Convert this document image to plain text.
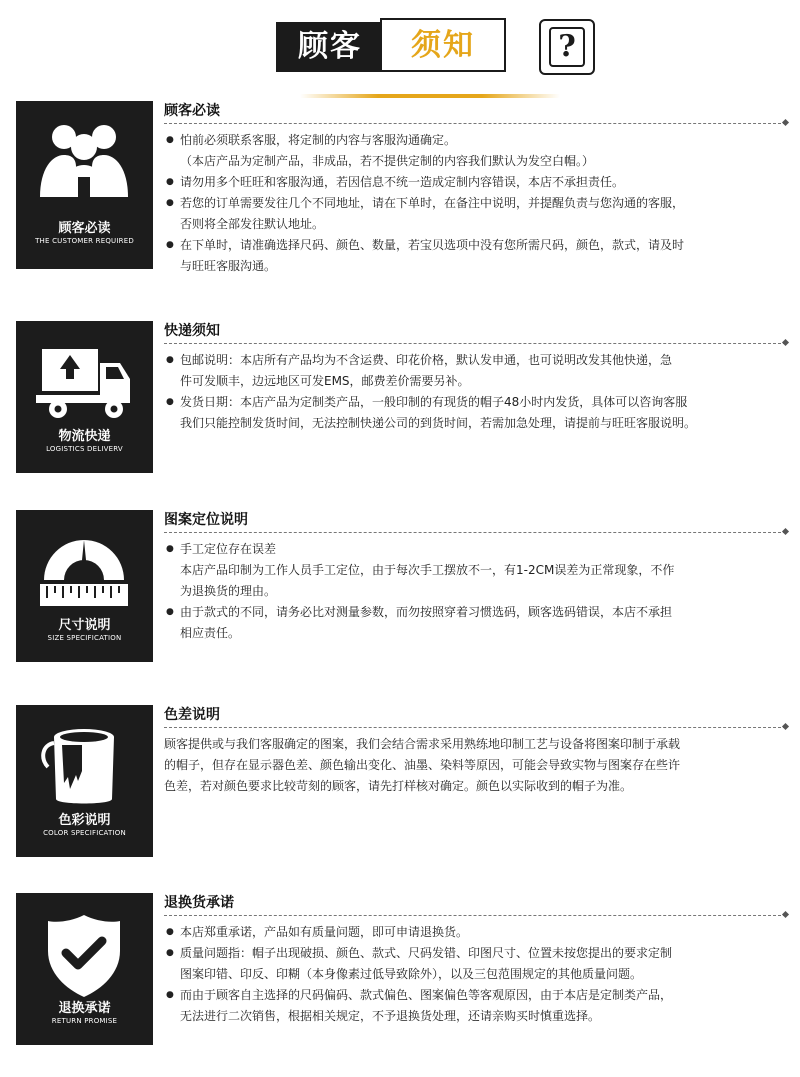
顾客	须知	?
顾客必读
THE CUSTOMER REQUIRED
顾客必读

● 怕前必须联系客服，将定制的内容与客服沟通确定。

（本店产品为定制产品，非成品，若不提供定制的内容我们默认为发空白帽。）

● 请勿用多个旺旺和客服沟通，若因信息不统一造成定制内容错误，本店不承担责任。

● 若您的订单需要发往几个不同地址，请在下单时，在备注中说明，并提醒负责与您沟通的客服，

否则将全部发往默认地址。

● 在下单时，请准确选择尺码、颜色、数量，若宝贝选项中没有您所需尺码，颜色，款式，请及时

与旺旺客服沟通。

物流快递
LOGISTICS DELIVERV
快递须知

● 包邮说明：本店所有产品均为不含运费、印花价格，默认发申通，也可说明改发其他快递，急

件可发顺丰，边远地区可发EMS，邮费差价需要另补。

● 发货日期：本店产品为定制类产品，一般印制的有现货的帽子48小时内发货，具体可以咨询客服

我们只能控制发货时间，无法控制快递公司的到货时间，若需加急处理，请提前与旺旺客服说明。

尺寸说明
SIZE SPECIFICATION
图案定位说明

● 手工定位存在误差

本店产品印制为工作人员手工定位，由于每次手工摆放不一，有1-2CM误差为正常现象，不作

为退换货的理由。

● 由于款式的不同，请务必比对测量参数，而勿按照穿着习惯选码，顾客选码错误，本店不承担

相应责任。

色彩说明
COLOR SPECIFICATION
色差说明

顾客提供或与我们客服确定的图案，我们会结合需求采用熟练地印制工艺与设备将图案印制于承载

的帽子，但存在显示器色差、颜色输出变化、油墨、染料等原因，可能会导致实物与图案存在些许

色差，若对颜色要求比较苛刻的顾客，请先打样核对确定。颜色以实际收到的帽子为准。

退换承诺
RETURN PROMISE
退换货承诺

● 本店郑重承诺，产品如有质量问题，即可申请退换货。

● 质量问题指：帽子出现破损、颜色、款式、尺码发错、印图尺寸、位置未按您提出的要求定制

图案印错、印反、印糊（本身像素过低导致除外），以及三包范围规定的其他质量问题。

● 而由于顾客自主选择的尺码偏码、款式偏色、图案偏色等客观原因，由于本店是定制类产品，

无法进行二次销售，根据相关规定，不予退换货处理，还请亲购买时慎重选择。
